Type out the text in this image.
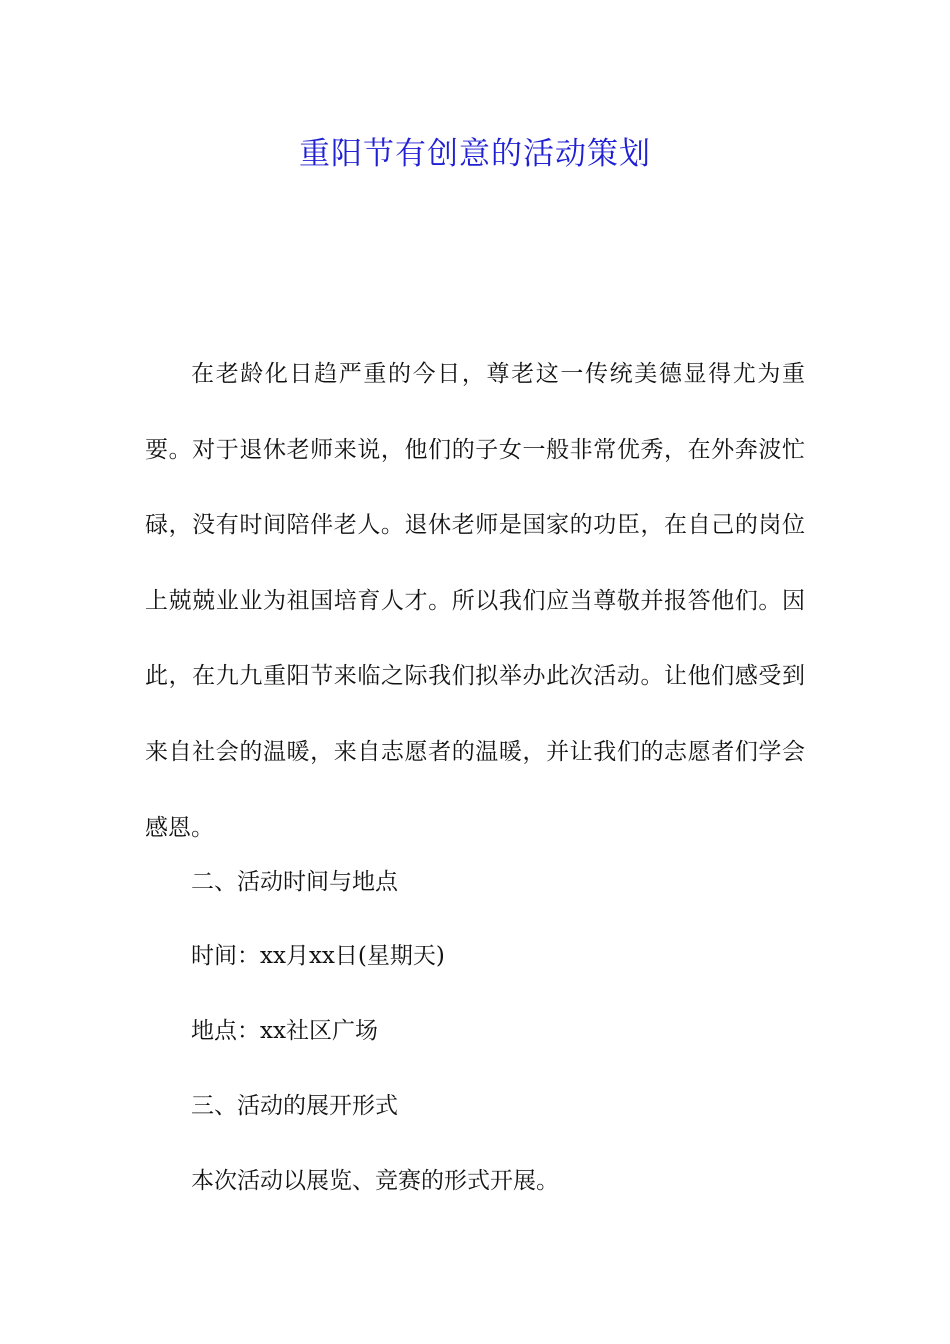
重阳节有创意的活动策划

在老龄化日趋严重的今日，尊老这一传统美德显得尤为重要。对于退休老师来说，他们的子女一般非常优秀，在外奔波忙碌，没有时间陪伴老人。退休老师是国家的功臣，在自己的岗位上兢兢业业为祖国培育人才。所以我们应当尊敬并报答他们。因此，在九九重阳节来临之际我们拟举办此次活动。让他们感受到来自社会的温暖，来自志愿者的温暖，并让我们的志愿者们学会感恩。

二、活动时间与地点
时间：xx月xx日(星期天)
地点：xx社区广场
三、活动的展开形式
本次活动以展览、竞赛的形式开展。
